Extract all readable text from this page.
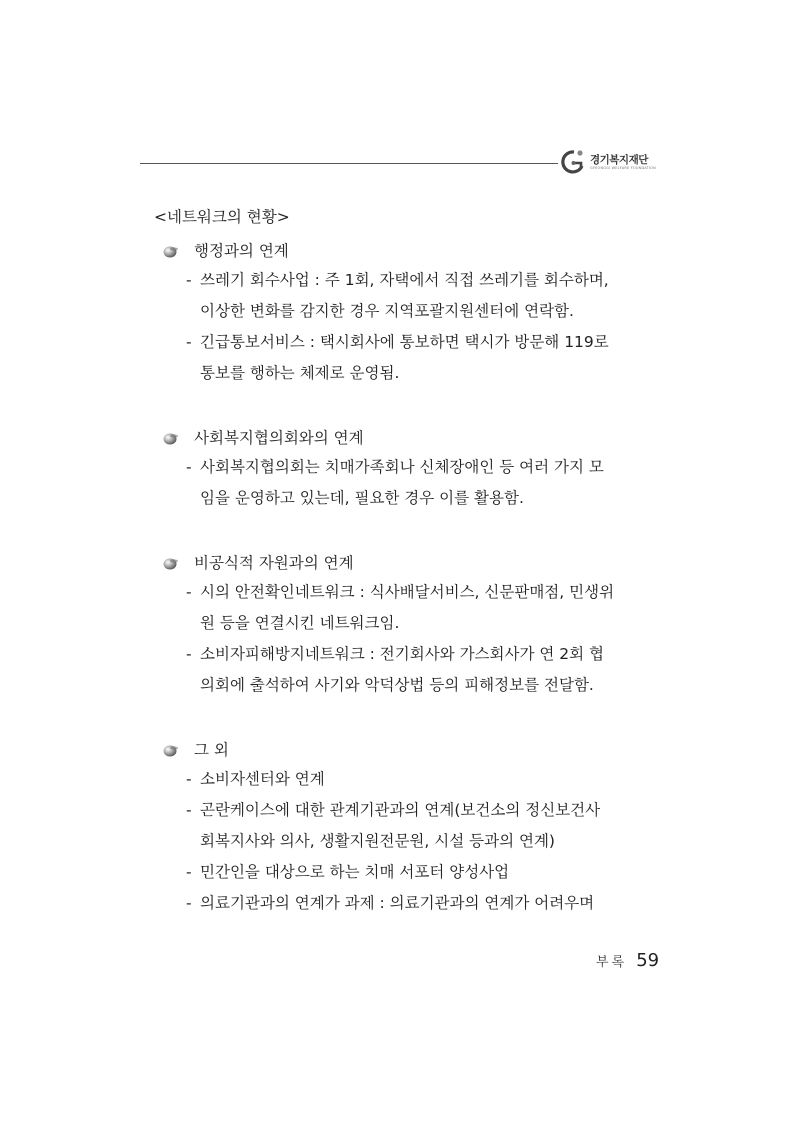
경기복지재단
GYEONGGI WELFARE FOUNDATION
<네트워크의 현황>
행정과의 연계
- 쓰레기 회수사업 : 주 1회, 자택에서 직접 쓰레기를 회수하며,
이상한 변화를 감지한 경우 지역포괄지원센터에 연락함.
- 긴급통보서비스 : 택시회사에 통보하면 택시가 방문해 119로
통보를 행하는 체제로 운영됨.
사회복지협의회와의 연계
- 사회복지협의회는 치매가족회나 신체장애인 등 여러 가지 모
임을 운영하고 있는데, 필요한 경우 이를 활용함.
비공식적 자원과의 연계
- 시의 안전확인네트워크 : 식사배달서비스, 신문판매점, 민생위
원 등을 연결시킨 네트워크임.
- 소비자피해방지네트워크 : 전기회사와 가스회사가 연 2회 협
의회에 출석하여 사기와 악덕상법 등의 피해정보를 전달함.
그 외
- 소비자센터와 연계
- 곤란케이스에 대한 관계기관과의 연계(보건소의 정신보건사
회복지사와 의사, 생활지원전문원, 시설 등과의 연계)
- 민간인을 대상으로 하는 치매 서포터 양성사업
- 의료기관과의 연계가 과제 : 의료기관과의 연계가 어려우며
부록 59
